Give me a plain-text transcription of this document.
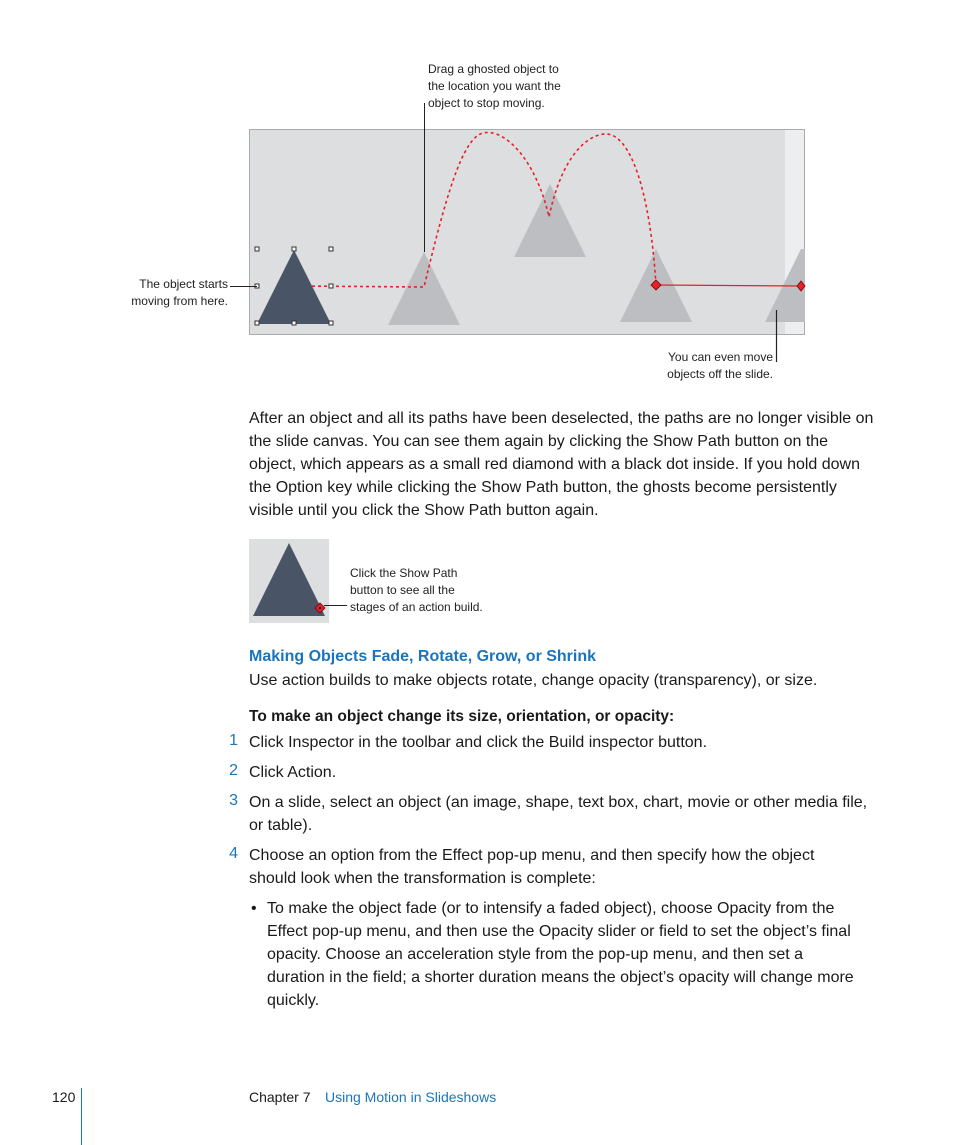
Drag a ghosted object to
the location you want the
object to stop moving.
The object starts
moving from here.
You can even move
objects off the slide.
After an object and all its paths have been deselected, the paths are no longer visible on the slide canvas. You can see them again by clicking the Show Path button on the object, which appears as a small red diamond with a black dot inside. If you hold down the Option key while clicking the Show Path button, the ghosts become persistently visible until you click the Show Path button again.
Click the Show Path
button to see all the
stages of an action build.
Making Objects Fade, Rotate, Grow, or Shrink
Use action builds to make objects rotate, change opacity (transparency), or size.
To make an object change its size, orientation, or opacity:
1 Click Inspector in the toolbar and click the Build inspector button.
2 Click Action.
3 On a slide, select an object (an image, shape, text box, chart, movie or other media file, or table).
4 Choose an option from the Effect pop-up menu, and then specify how the object should look when the transformation is complete:
• To make the object fade (or to intensify a faded object), choose Opacity from the Effect pop-up menu, and then use the Opacity slider or field to set the object’s final opacity. Choose an acceleration style from the pop-up menu, and then set a duration in the field; a shorter duration means the object’s opacity will change more quickly.
120	Chapter 7 Using Motion in Slideshows
